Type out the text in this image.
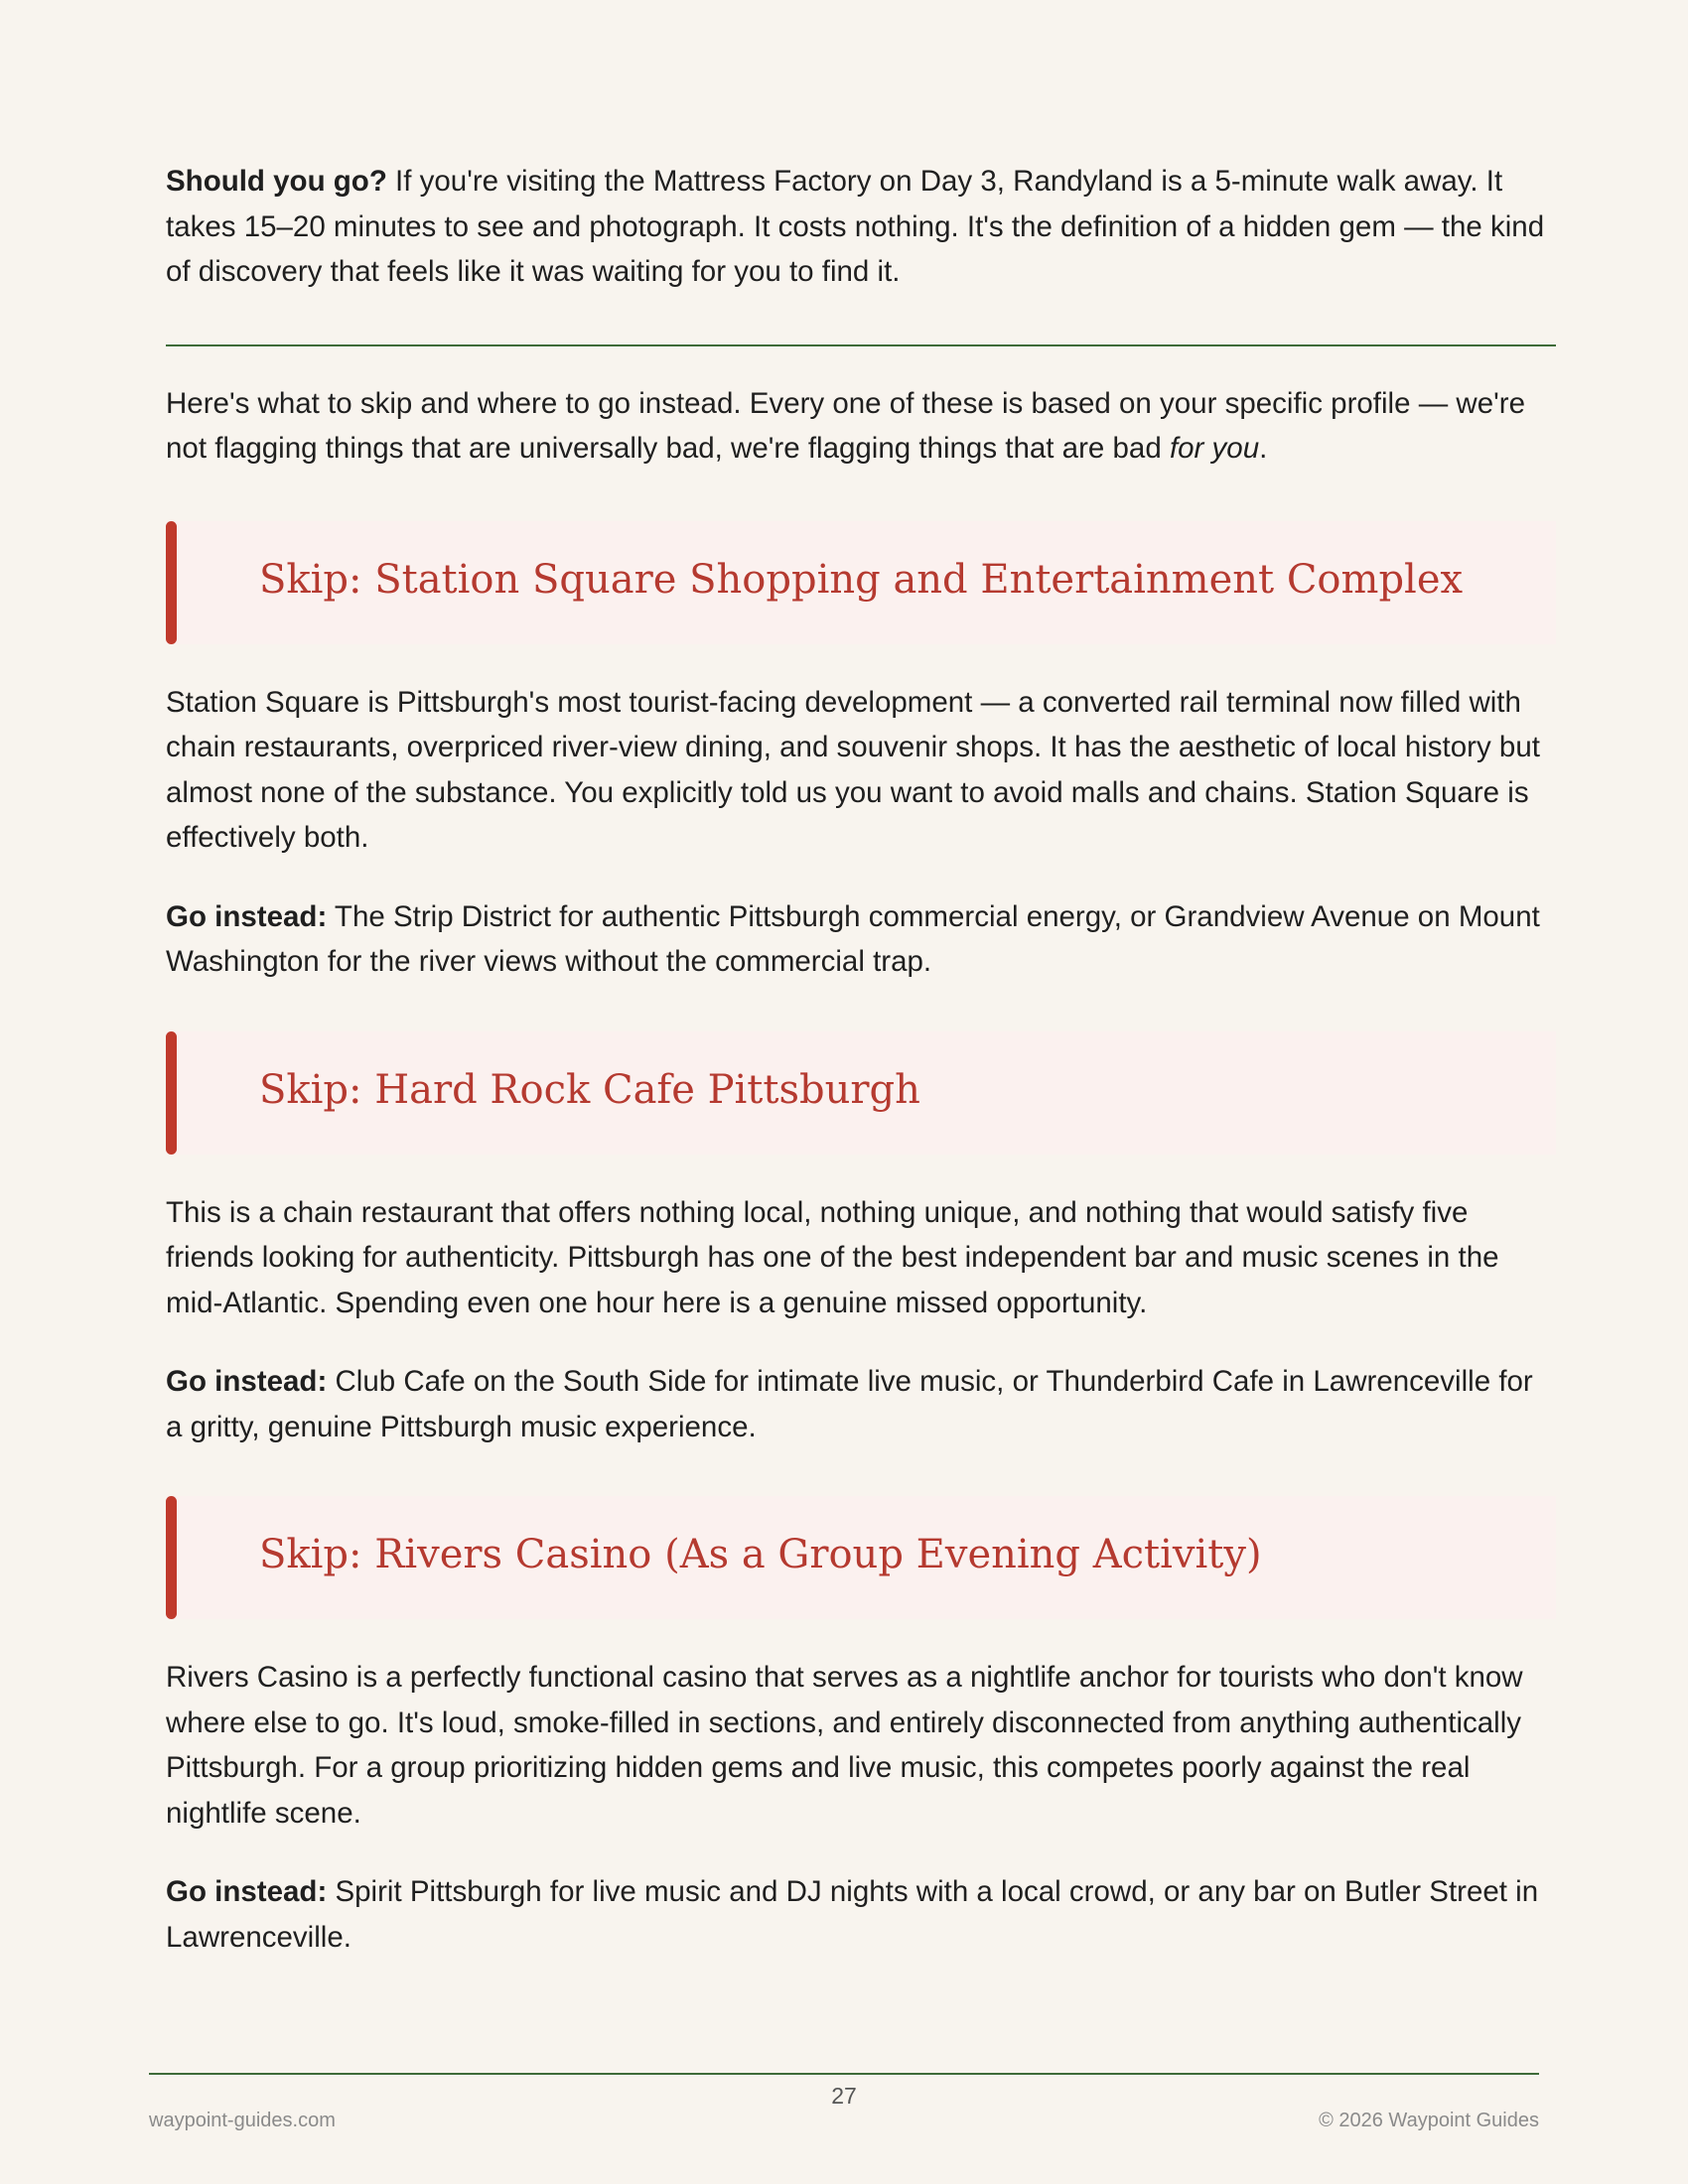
Should you go? If you're visiting the Mattress Factory on Day 3, Randyland is a 5-minute walk away. It takes 15–20 minutes to see and photograph. It costs nothing. It's the definition of a hidden gem — the kind of discovery that feels like it was waiting for you to find it.

Here's what to skip and where to go instead. Every one of these is based on your specific profile — we're not flagging things that are universally bad, we're flagging things that are bad for you.

Skip: Station Square Shopping and Entertainment Complex

Station Square is Pittsburgh's most tourist-facing development — a converted rail terminal now filled with chain restaurants, overpriced river-view dining, and souvenir shops. It has the aesthetic of local history but almost none of the substance. You explicitly told us you want to avoid malls and chains. Station Square is effectively both.

Go instead: The Strip District for authentic Pittsburgh commercial energy, or Grandview Avenue on Mount Washington for the river views without the commercial trap.

Skip: Hard Rock Cafe Pittsburgh

This is a chain restaurant that offers nothing local, nothing unique, and nothing that would satisfy five friends looking for authenticity. Pittsburgh has one of the best independent bar and music scenes in the mid-Atlantic. Spending even one hour here is a genuine missed opportunity.

Go instead: Club Cafe on the South Side for intimate live music, or Thunderbird Cafe in Lawrenceville for a gritty, genuine Pittsburgh music experience.

Skip: Rivers Casino (As a Group Evening Activity)

Rivers Casino is a perfectly functional casino that serves as a nightlife anchor for tourists who don't know where else to go. It's loud, smoke-filled in sections, and entirely disconnected from anything authentically Pittsburgh. For a group prioritizing hidden gems and live music, this competes poorly against the real nightlife scene.

Go instead: Spirit Pittsburgh for live music and DJ nights with a local crowd, or any bar on Butler Street in Lawrenceville.

27
waypoint-guides.com	© 2026 Waypoint Guides
